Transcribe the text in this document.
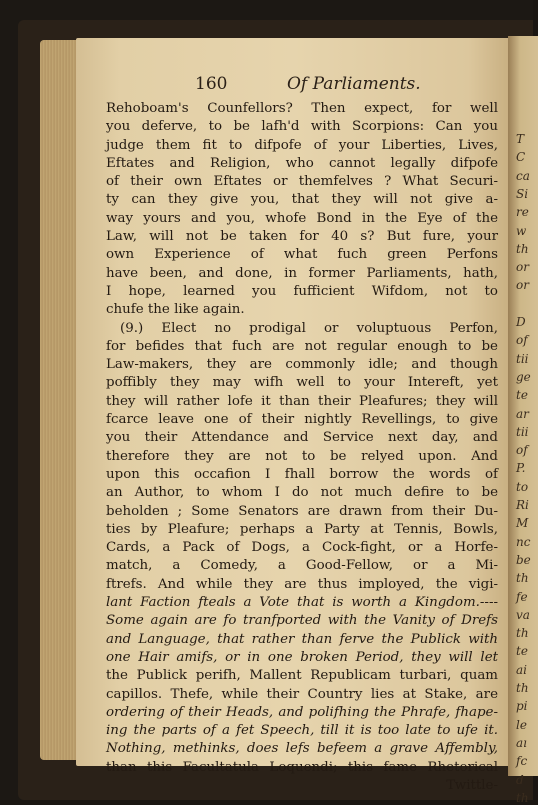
T
C
ca
Si
re
w
th
or
or
D
of
tii
ge
te
ar
tii
of
P.
to
Ri
M
nc
be
th
fe
va
th
te
ai
th
pi
le
aı
fc
d
th
160	Of Parliaments.
Rehoboam's Counfellors? Then expect, for well
you deferve, to be lafh'd with Scorpions: Can you
judge them fit to difpofe of your Liberties, Lives,
Eftates and Religion, who cannot legally difpofe
of their own Eftates or themfelves ? What Securi-
ty can they give you, that they will not give a-
way yours and you, whofe Bond in the Eye of the
Law, will not be taken for 40 s? But fure, your
own Experience of what fuch green Perfons
have been, and done, in former Parliaments, hath,
I hope, learned you fufficient Wifdom, not to
chufe the like again.
(9.) Elect no prodigal or voluptuous Perfon,
for befides that fuch are not regular enough to be
Law-makers, they are commonly idle; and though
poffibly they may wifh well to your Intereft, yet
they will rather lofe it than their Pleafures; they will
fcarce leave one of their nightly Revellings, to give
you their Attendance and Service next day, and
therefore they are not to be relyed upon. And
upon this occafion I fhall borrow the words of
an Author, to whom I do not much defire to be
beholden ; Some Senators are drawn from their Du-
ties by Pleafure; perhaps a Party at Tennis, Bowls,
Cards, a Pack of Dogs, a Cock-fight, or a Horfe-
match, a Comedy, a Good-Fellow, or a Mi-
ftrefs. And while they are thus imployed, the vigi-
lant Faction fteals a Vote that is worth a Kingdom.----
Some again are fo tranfported with the Vanity of Drefs
and Language, that rather than ferve the Publick with
one Hair amifs, or in one broken Period, they will let
the Publick perifh, Mallent Republicam turbari, quam
capillos. Thefe, while their Country lies at Stake, are
ordering of their Heads, and polifhing the Phrafe, fhape-
ing the parts of a fet Speech, till it is too late to ufe it.
Nothing, methinks, does lefs befeem a grave Affembly,
than this Facultatula Loquendi; this fame Rhetorical
Twittle-
